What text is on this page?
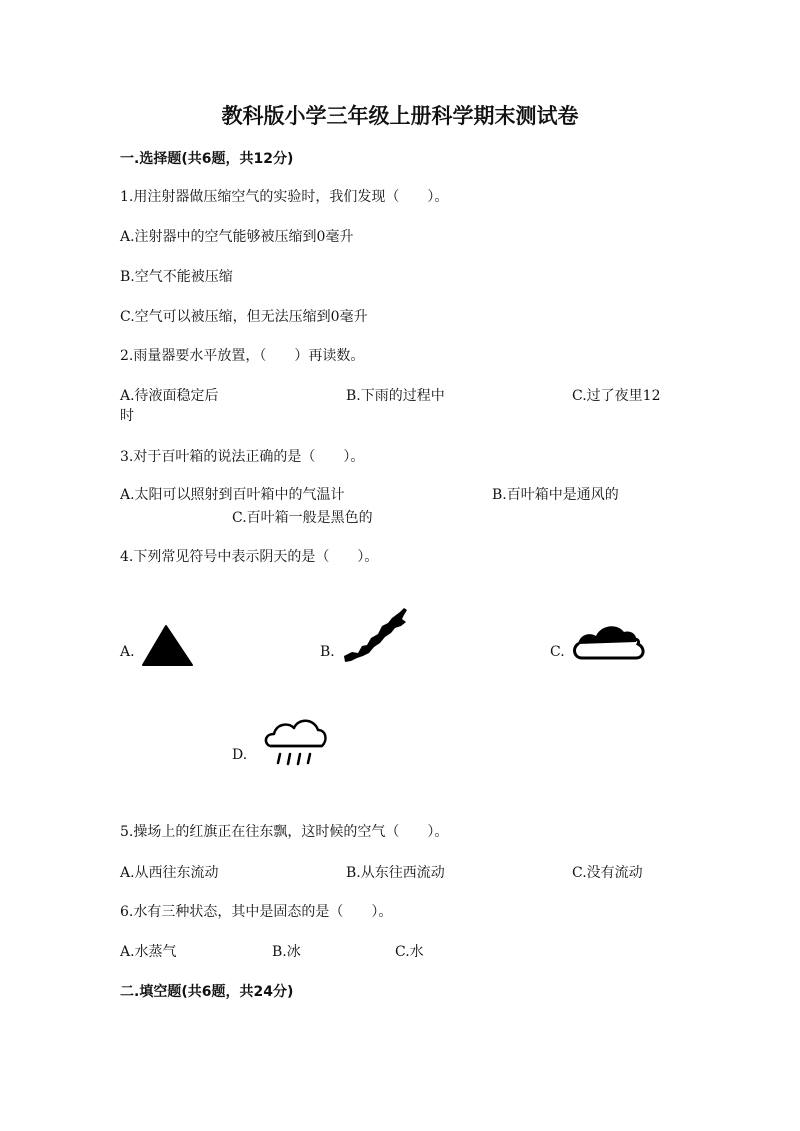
教科版小学三年级上册科学期末测试卷
一.选择题(共6题，共12分)
1.用注射器做压缩空气的实验时，我们发现（　　）。
A.注射器中的空气能够被压缩到0毫升
B.空气不能被压缩
C.空气可以被压缩，但无法压缩到0毫升
2.雨量器要水平放置，（　　）再读数。
A.待液面稳定后	B.下雨的过程中	C.过了夜里12
时
3.对于百叶箱的说法正确的是（　　）。
A.太阳可以照射到百叶箱中的气温计	B.百叶箱中是通风的
C.百叶箱一般是黑色的
4.下列常见符号中表示阴天的是（　　）。
A.	B.	C.
D.
5.操场上的红旗正在往东飘，这时候的空气（　　）。
A.从西往东流动	B.从东往西流动	C.没有流动
6.水有三种状态，其中是固态的是（　　）。
A.水蒸气	B.冰	C.水
二.填空题(共6题，共24分)
